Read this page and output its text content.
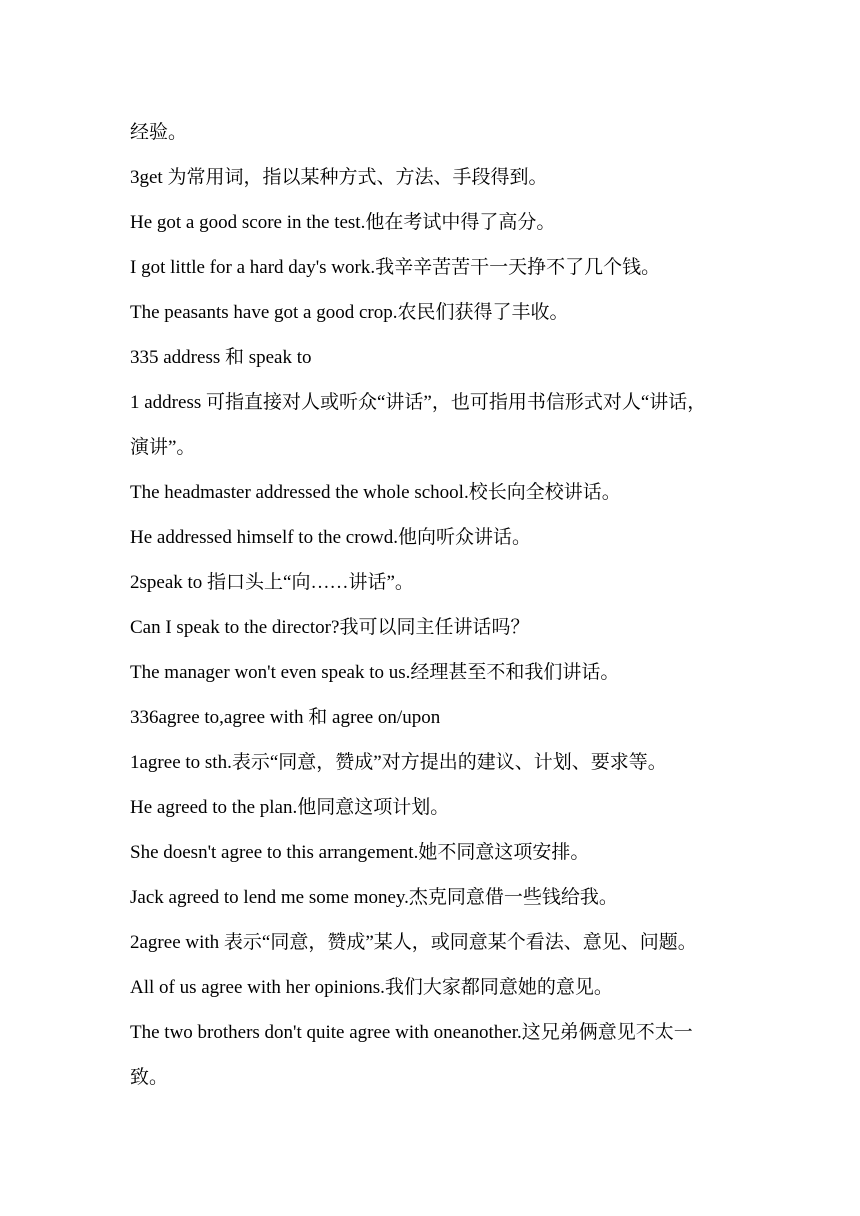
经验。

3get 为常用词，指以某种方式、方法、手段得到。

He got a good score in the test.他在考试中得了高分。

I got little for a hard day's work.我辛辛苦苦干一天挣不了几个钱。

The peasants have got a good crop.农民们获得了丰收。

335 address 和 speak to

1 address 可指直接对人或听众“讲话”，也可指用书信形式对人“讲话，

演讲”。

The headmaster addressed the whole school.校长向全校讲话。

He addressed himself to the crowd.他向听众讲话。

2speak to 指口头上“向……讲话”。

Can I speak to the director?我可以同主任讲话吗？

The manager won't even speak to us.经理甚至不和我们讲话。

336agree to,agree with 和 agree on/upon

1agree to sth.表示“同意，赞成”对方提出的建议、计划、要求等。

He agreed to the plan.他同意这项计划。

She doesn't agree to this arrangement.她不同意这项安排。

Jack agreed to lend me some money.杰克同意借一些钱给我。

2agree with 表示“同意，赞成”某人，或同意某个看法、意见、问题。

All of us agree with her opinions.我们大家都同意她的意见。

The two brothers don't quite agree with oneanother.这兄弟俩意见不太一

致。
